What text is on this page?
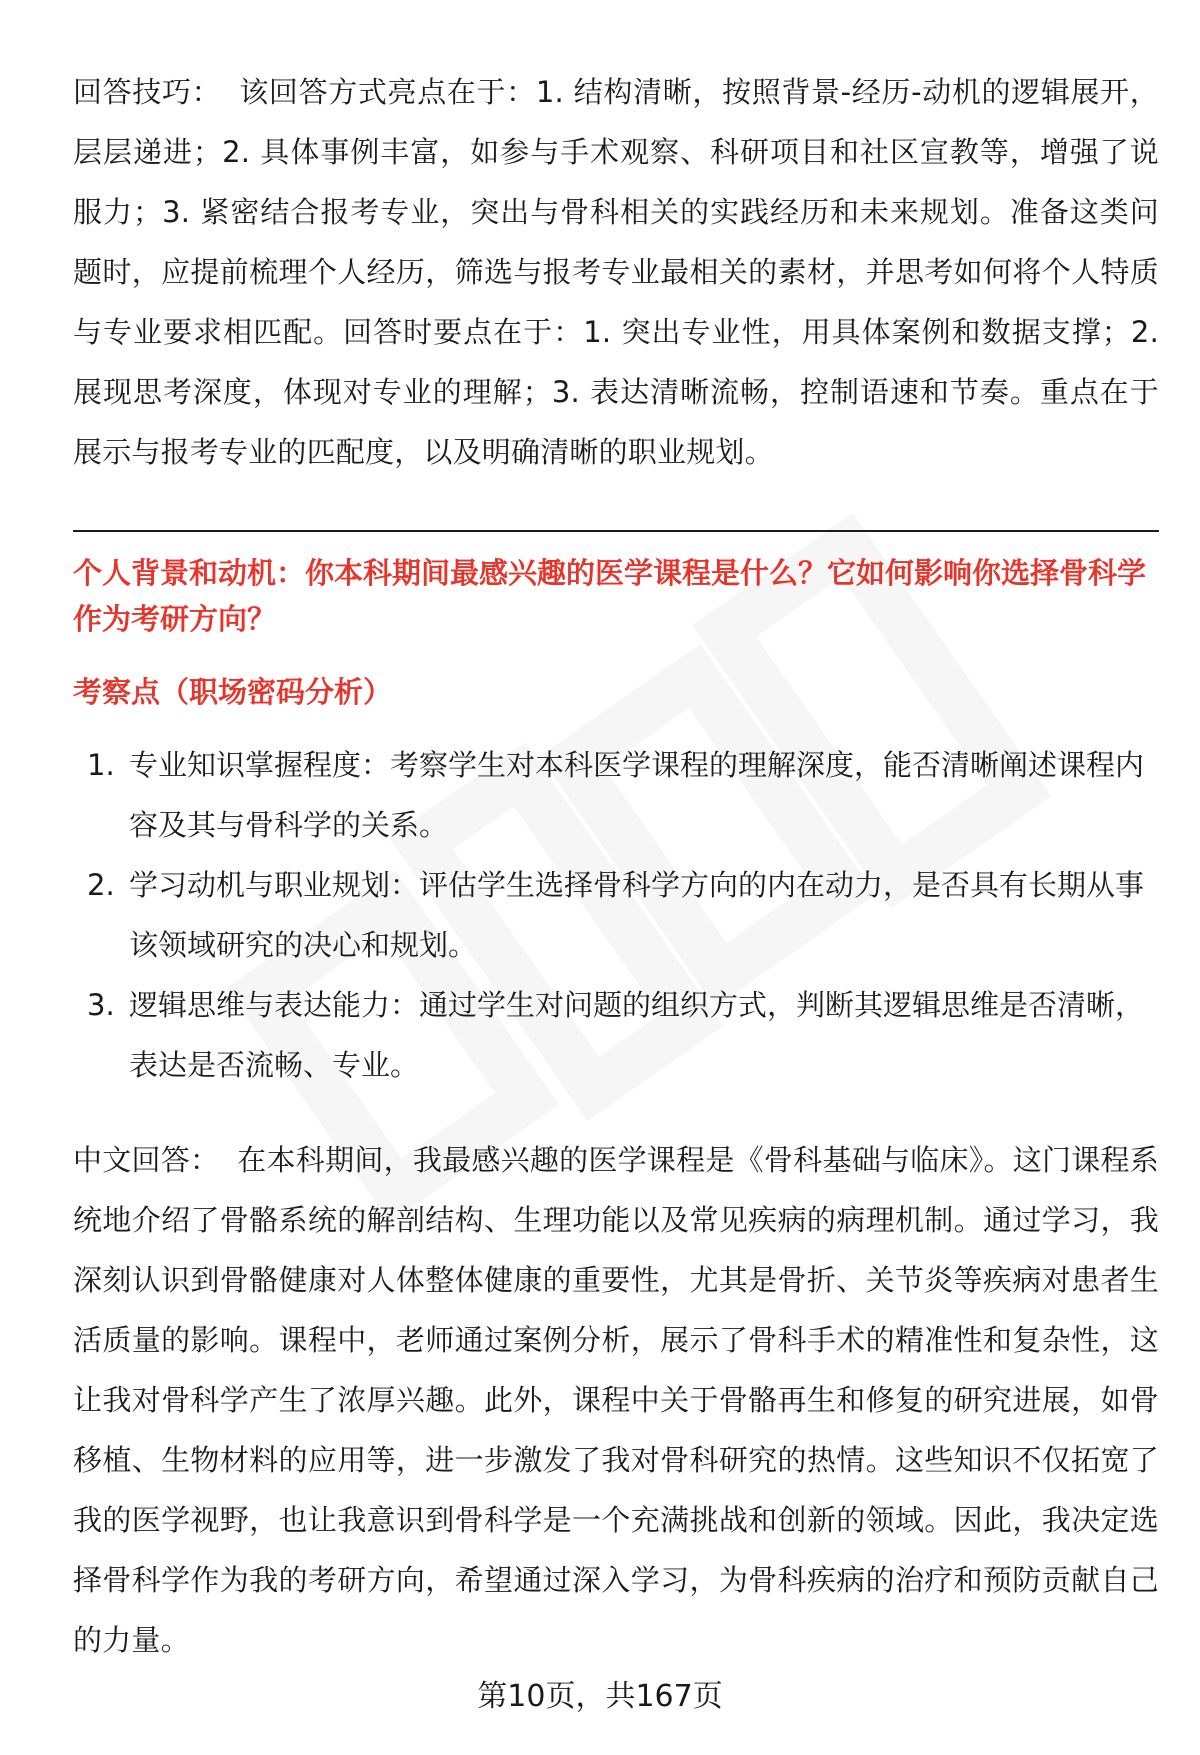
回答技巧： 该回答方式亮点在于：1. 结构清晰，按照背景-经历-动机的逻辑展开，层层递进；2. 具体事例丰富，如参与手术观察、科研项目和社区宣教等，增强了说服力；3. 紧密结合报考专业，突出与骨科相关的实践经历和未来规划。准备这类问题时，应提前梳理个人经历，筛选与报考专业最相关的素材，并思考如何将个人特质与专业要求相匹配。回答时要点在于：1. 突出专业性，用具体案例和数据支撑；2. 展现思考深度，体现对专业的理解；3. 表达清晰流畅，控制语速和节奏。重点在于展示与报考专业的匹配度，以及明确清晰的职业规划。

个人背景和动机：你本科期间最感兴趣的医学课程是什么？它如何影响你选择骨科学作为考研方向？
考察点（职场密码分析）
1. 专业知识掌握程度：考察学生对本科医学课程的理解深度，能否清晰阐述课程内容及其与骨科学的关系。
2. 学习动机与职业规划：评估学生选择骨科学方向的内在动力，是否具有长期从事该领域研究的决心和规划。
3. 逻辑思维与表达能力：通过学生对问题的组织方式，判断其逻辑思维是否清晰，表达是否流畅、专业。

中文回答： 在本科期间，我最感兴趣的医学课程是《骨科基础与临床》。这门课程系统地介绍了骨骼系统的解剖结构、生理功能以及常见疾病的病理机制。通过学习，我深刻认识到骨骼健康对人体整体健康的重要性，尤其是骨折、关节炎等疾病对患者生活质量的影响。课程中，老师通过案例分析，展示了骨科手术的精准性和复杂性，这让我对骨科学产生了浓厚兴趣。此外，课程中关于骨骼再生和修复的研究进展，如骨移植、生物材料的应用等，进一步激发了我对骨科研究的热情。这些知识不仅拓宽了我的医学视野，也让我意识到骨科学是一个充满挑战和创新的领域。因此，我决定选择骨科学作为我的考研方向，希望通过深入学习，为骨科疾病的治疗和预防贡献自己的力量。

第10页，共167页
